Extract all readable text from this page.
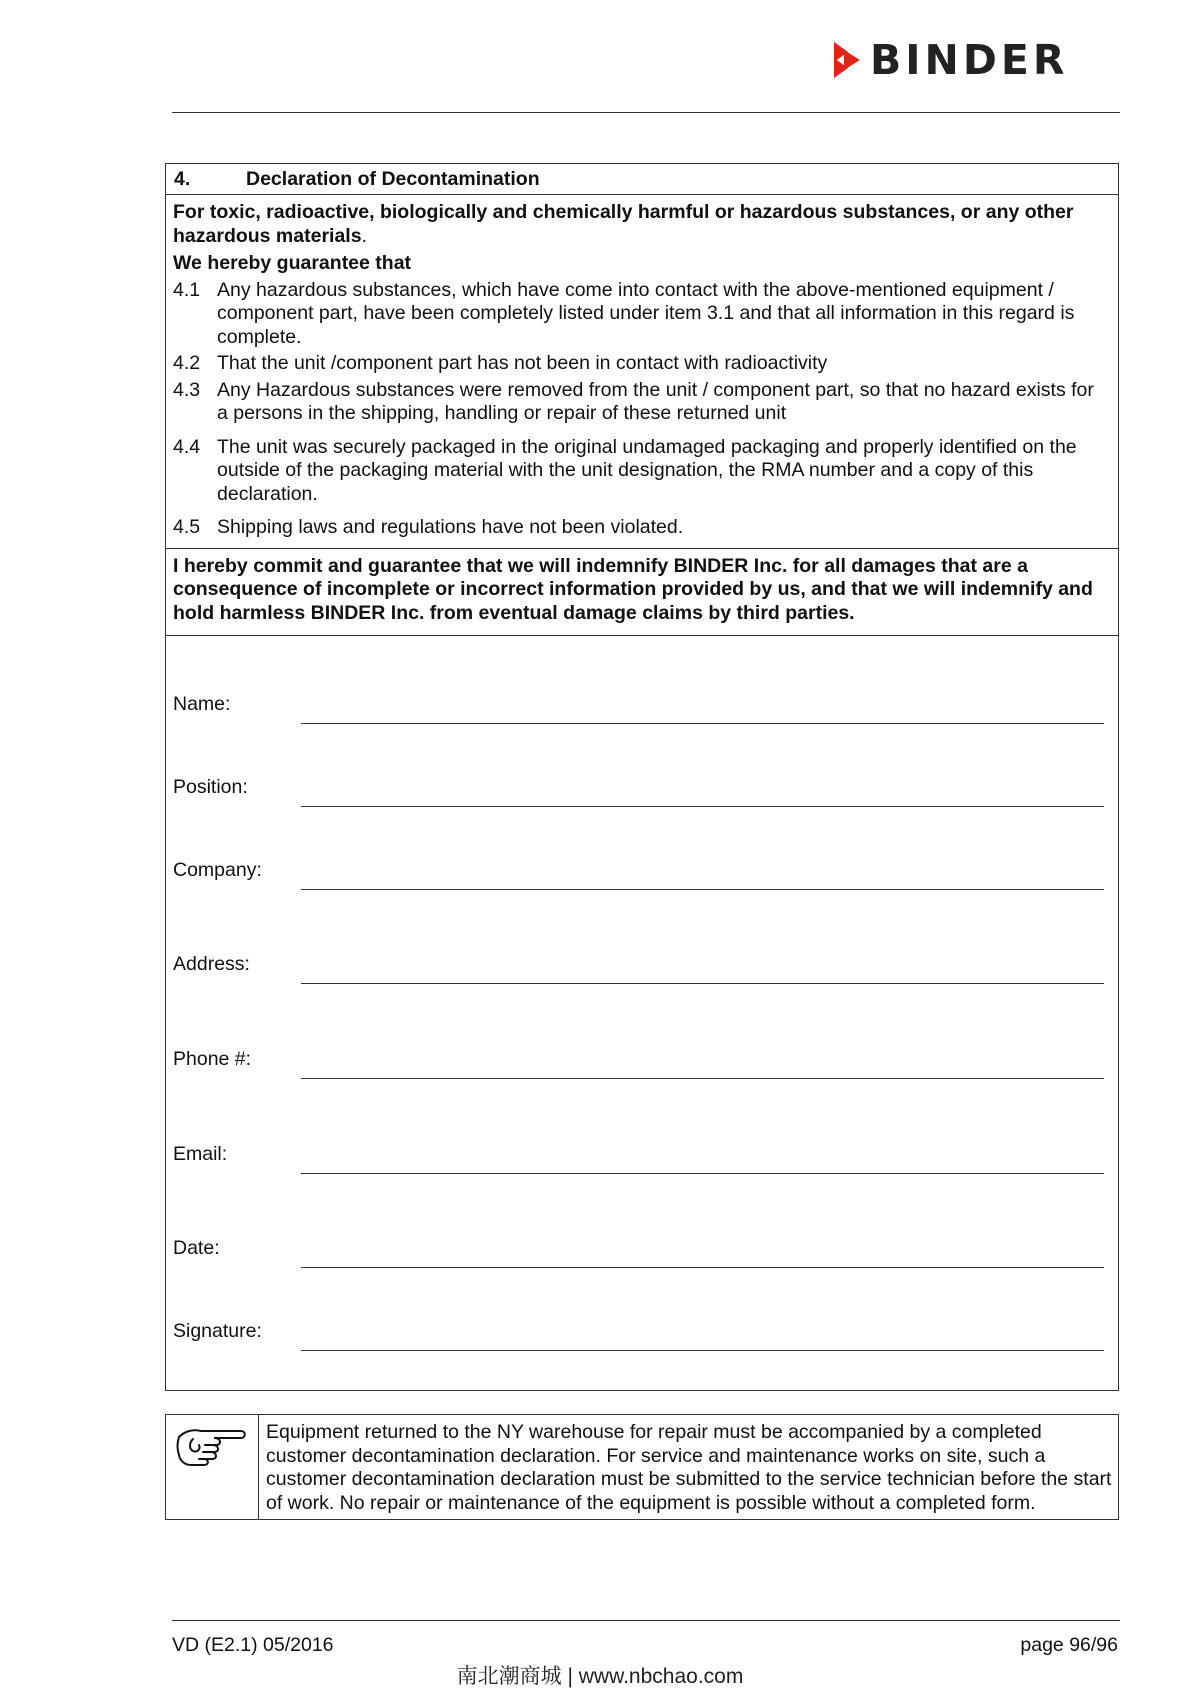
BINDER
4.	Declaration of Decontamination
For toxic, radioactive, biologically and chemically harmful or hazardous substances, or any other hazardous materials.
We hereby guarantee that
4.1 Any hazardous substances, which have come into contact with the above-mentioned equipment / component part, have been completely listed under item 3.1 and that all information in this regard is complete.
4.2 That the unit /component part has not been in contact with radioactivity
4.3 Any Hazardous substances were removed from the unit / component part, so that no hazard exists for a persons in the shipping, handling or repair of these returned unit
4.4 The unit was securely packaged in the original undamaged packaging and properly identified on the outside of the packaging material with the unit designation, the RMA number and a copy of this declaration.
4.5 Shipping laws and regulations have not been violated.
I hereby commit and guarantee that we will indemnify BINDER Inc. for all damages that are a consequence of incomplete or incorrect information provided by us, and that we will indemnify and hold harmless BINDER Inc. from eventual damage claims by third parties.
Name:
Position:
Company:
Address:
Phone #:
Email:
Date:
Signature:
Equipment returned to the NY warehouse for repair must be accompanied by a completed customer decontamination declaration. For service and maintenance works on site, such a customer decontamination declaration must be submitted to the service technician before the start of work. No repair or maintenance of the equipment is possible without a completed form.
VD (E2.1) 05/2016	page 96/96
南北潮商城 | www.nbchao.com
